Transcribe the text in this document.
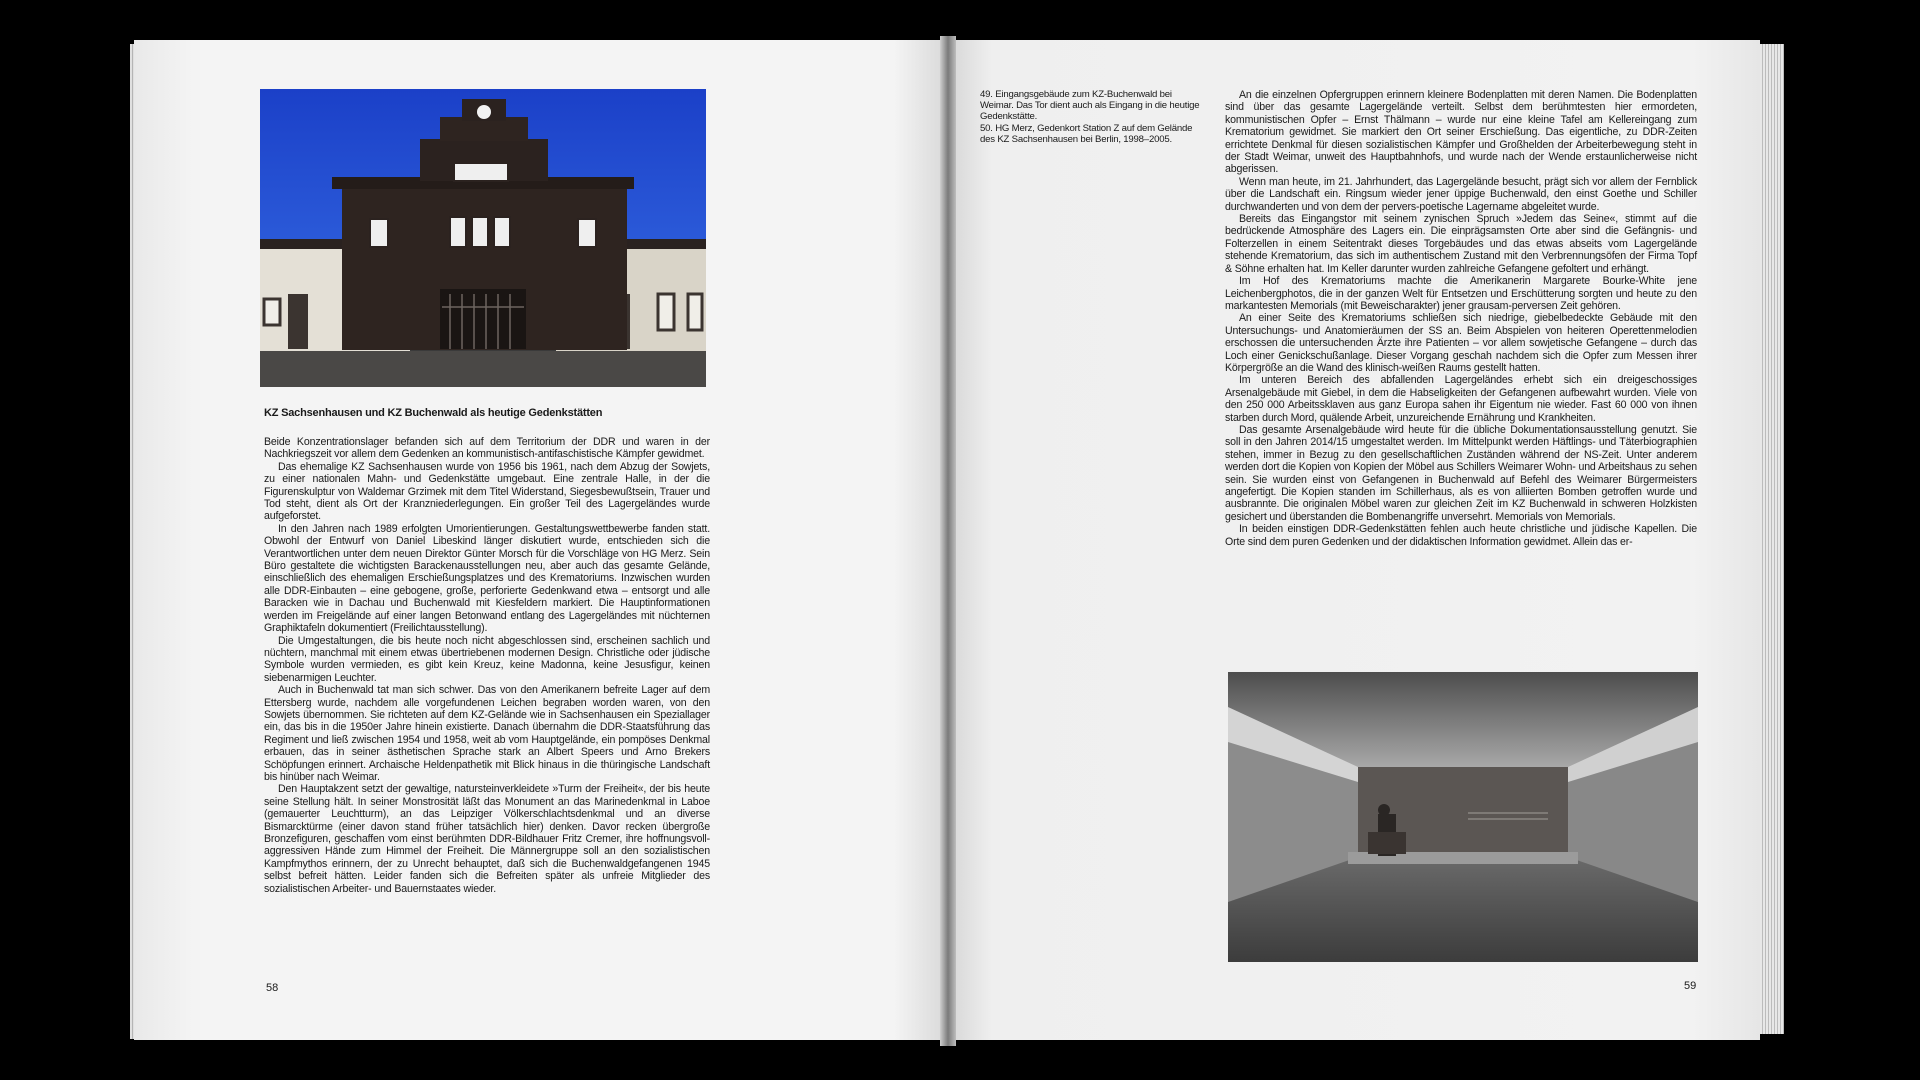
KZ Sachsenhausen und KZ Buchenwald als heutige Gedenkstätten

Beide Konzentrationslager befanden sich auf dem Territorium der DDR und waren in der Nachkriegszeit vor allem dem Gedenken an kommunistisch-antifaschistische Kämpfer gewidmet.

Das ehemalige KZ Sachsenhausen wurde von 1956 bis 1961, nach dem Abzug der Sowjets, zu einer nationalen Mahn- und Gedenkstätte umgebaut. Eine zentrale Halle, in der die Figurenskulptur von Waldemar Grzimek mit dem Titel Widerstand, Siegesbewußtsein, Trauer und Tod steht, dient als Ort der Kranzniederlegungen. Ein großer Teil des Lagergeländes wurde aufgeforstet.

In den Jahren nach 1989 erfolgten Umorientierungen. Gestaltungswettbewerbe fanden statt. Obwohl der Entwurf von Daniel Libeskind länger diskutiert wurde, entschieden sich die Verantwortlichen unter dem neuen Direktor Günter Morsch für die Vorschläge von HG Merz. Sein Büro gestaltete die wichtigsten Barackenausstellungen neu, aber auch das gesamte Gelände, einschließlich des ehemaligen Erschießungsplatzes und des Krematoriums. Inzwischen wurden alle DDR-Einbauten – eine gebogene, große, perforierte Gedenkwand etwa – entsorgt und alle Baracken wie in Dachau und Buchenwald mit Kiesfeldern markiert. Die Hauptinformationen werden im Freigelände auf einer langen Betonwand entlang des Lagergeländes mit nüchternen Graphiktafeln dokumentiert (Freilichtausstellung).

Die Umgestaltungen, die bis heute noch nicht abgeschlossen sind, erscheinen sachlich und nüchtern, manchmal mit einem etwas übertriebenen modernen Design. Christliche oder jüdische Symbole wurden vermieden, es gibt kein Kreuz, keine Madonna, keine Jesusfigur, keinen siebenarmigen Leuchter.

Auch in Buchenwald tat man sich schwer. Das von den Amerikanern befreite Lager auf dem Ettersberg wurde, nachdem alle vorgefundenen Leichen begraben worden waren, von den Sowjets übernommen. Sie richteten auf dem KZ-Gelände wie in Sachsenhausen ein Speziallager ein, das bis in die 1950er Jahre hinein existierte. Danach übernahm die DDR-Staatsführung das Regiment und ließ zwischen 1954 und 1958, weit ab vom Hauptgelände, ein pompöses Denkmal erbauen, das in seiner ästhetischen Sprache stark an Albert Speers und Arno Brekers Schöpfungen erinnert. Archaische Heldenpathetik mit Blick hinaus in die thüringische Landschaft bis hinüber nach Weimar.

Den Hauptakzent setzt der gewaltige, natursteinverkleidete »Turm der Freiheit«, der bis heute seine Stellung hält. In seiner Monstrosität läßt das Monument an das Marinedenkmal in Laboe (gemauerter Leuchtturm), an das Leipziger Völkerschlachtsdenkmal und an diverse Bismarcktürme (einer davon stand früher tatsächlich hier) denken. Davor recken übergroße Bronzefiguren, geschaffen vom einst berühmten DDR-Bildhauer Fritz Cremer, ihre hoffnungsvoll-aggressiven Hände zum Himmel der Freiheit. Die Männergruppe soll an den sozialistischen Kampfmythos erinnern, der zu Unrecht behauptet, daß sich die Buchenwaldgefangenen 1945 selbst befreit hätten. Leider fanden sich die Befreiten später als unfreie Mitglieder des sozialistischen Arbeiter- und Bauernstaates wieder.

58

49. Eingangsgebäude zum KZ-Buchenwald bei Weimar. Das Tor dient auch als Eingang in die heutige Gedenkstätte.

50. HG Merz, Gedenkort Station Z auf dem Gelände des KZ Sachsenhausen bei Berlin, 1998–2005.

An die einzelnen Opfergruppen erinnern kleinere Bodenplatten mit deren Namen. Die Bodenplatten sind über das gesamte Lagergelände verteilt. Selbst dem berühmtesten hier ermordeten, kommunistischen Opfer – Ernst Thälmann – wurde nur eine kleine Tafel am Kellereingang zum Krematorium gewidmet. Sie markiert den Ort seiner Erschießung. Das eigentliche, zu DDR-Zeiten errichtete Denkmal für diesen sozialistischen Kämpfer und Großhelden der Arbeiterbewegung steht in der Stadt Weimar, unweit des Hauptbahnhofs, und wurde nach der Wende erstaunlicherweise nicht abgerissen.

Wenn man heute, im 21. Jahrhundert, das Lagergelände besucht, prägt sich vor allem der Fernblick über die Landschaft ein. Ringsum wieder jener üppige Buchenwald, den einst Goethe und Schiller durchwanderten und von dem der pervers-poetische Lagername abgeleitet wurde.

Bereits das Eingangstor mit seinem zynischen Spruch »Jedem das Seine«, stimmt auf die bedrückende Atmosphäre des Lagers ein. Die einprägsamsten Orte aber sind die Gefängnis- und Folterzellen in einem Seitentrakt dieses Torgebäudes und das etwas abseits vom Lagergelände stehende Krematorium, das sich im authentischem Zustand mit den Verbrennungsöfen der Firma Topf & Söhne erhalten hat. Im Keller darunter wurden zahlreiche Gefangene gefoltert und erhängt.

Im Hof des Krematoriums machte die Amerikanerin Margarete Bourke-White jene Leichenbergphotos, die in der ganzen Welt für Entsetzen und Erschütterung sorgten und heute zu den markantesten Memorials (mit Beweischarakter) jener grausam-perversen Zeit gehören.

An einer Seite des Krematoriums schließen sich niedrige, giebelbedeckte Gebäude mit den Untersuchungs- und Anatomieräumen der SS an. Beim Abspielen von heiteren Operettenmelodien erschossen die untersuchenden Ärzte ihre Patienten – vor allem sowjetische Gefangene – durch das Loch einer Genickschußanlage. Dieser Vorgang geschah nachdem sich die Opfer zum Messen ihrer Körpergröße an die Wand des klinisch-weißen Raums gestellt hatten.

Im unteren Bereich des abfallenden Lagergeländes erhebt sich ein dreigeschossiges Arsenalgebäude mit Giebel, in dem die Habseligkeiten der Gefangenen aufbewahrt wurden. Viele von den 250 000 Arbeitssklaven aus ganz Europa sahen ihr Eigentum nie wieder. Fast 60 000 von ihnen starben durch Mord, quälende Arbeit, unzureichende Ernährung und Krankheiten.

Das gesamte Arsenalgebäude wird heute für die übliche Dokumentationsausstellung genutzt. Sie soll in den Jahren 2014/15 umgestaltet werden. Im Mittelpunkt werden Häftlings- und Täterbiographien stehen, immer in Bezug zu den gesellschaftlichen Zuständen während der NS-Zeit. Unter anderem werden dort die Kopien von Kopien der Möbel aus Schillers Weimarer Wohn- und Arbeitshaus zu sehen sein. Sie wurden einst von Gefangenen in Buchenwald auf Befehl des Weimarer Bürgermeisters angefertigt. Die Kopien standen im Schillerhaus, als es von alliierten Bomben getroffen wurde und ausbrannte. Die originalen Möbel waren zur gleichen Zeit im KZ Buchenwald in schweren Holzkisten gesichert und überstanden die Bombenangriffe unversehrt. Memorials von Memorials.

In beiden einstigen DDR-Gedenkstätten fehlen auch heute christliche und jüdische Kapellen. Die Orte sind dem puren Gedenken und der didaktischen Information gewidmet. Allein das er-

59
